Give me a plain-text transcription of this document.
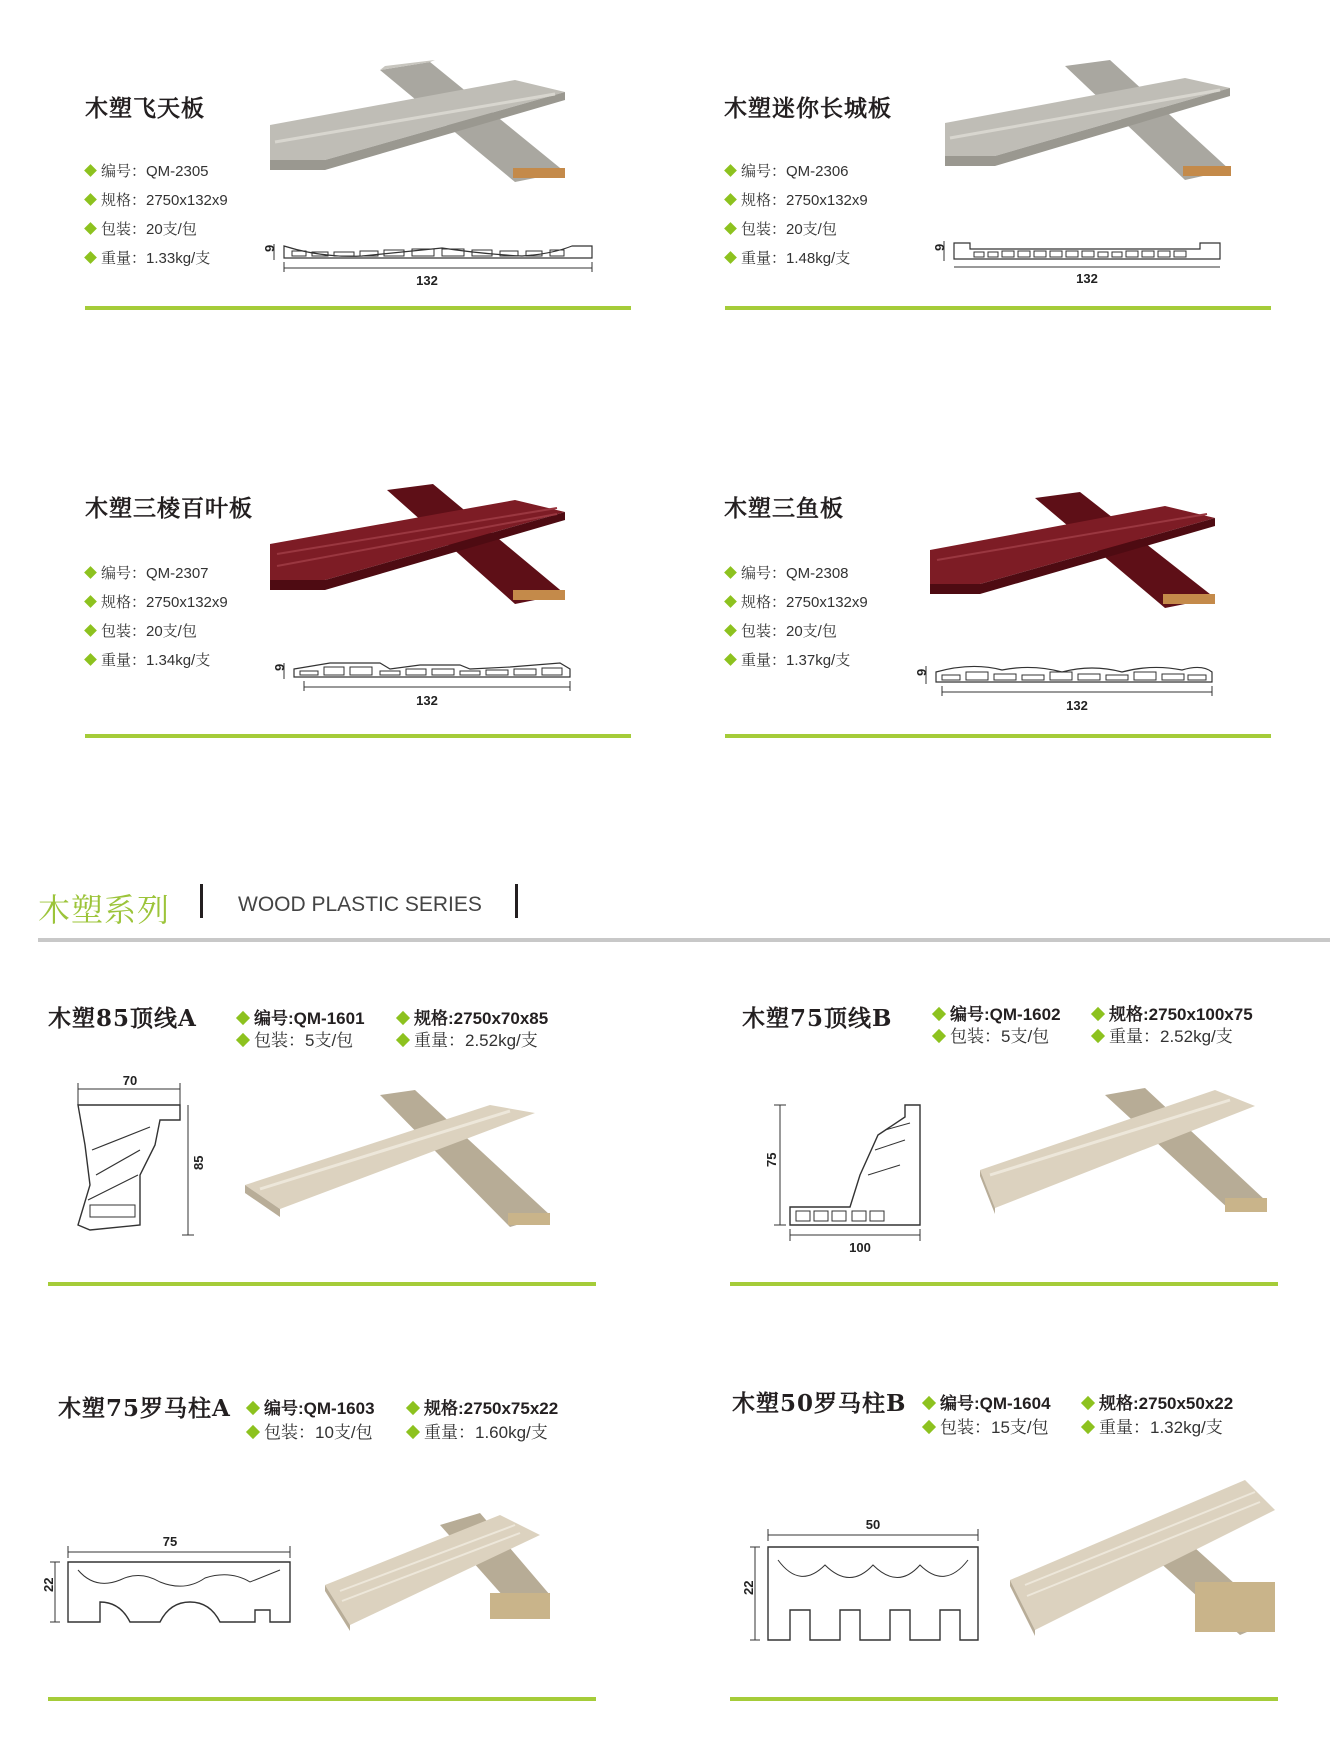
木塑飞天板
编号：QM-2305
规格：2750x132x9
包装：20支/包
重量：1.33kg/支
9
132
木塑迷你长城板
编号：QM-2306
规格：2750x132x9
包装：20支/包
重量：1.48kg/支
9
132
木塑三棱百叶板
编号：QM-2307
规格：2750x132x9
包装：20支/包
重量：1.34kg/支	9
132
木塑三鱼板
编号：QM-2308
规格：2750x132x9
包装：20支/包
重量：1.37kg/支
9
132
木塑系列	WOOD PLASTIC SERIES
木塑85顶线A	编号:QM-1601	规格:2750x70x85
包装：5支/包	重量：2.52kg/支
70
85
木塑75顶线B	编号:QM-1602	规格:2750x100x75
包装：5支/包	重量：2.52kg/支
75
100
木塑75罗马柱A	编号:QM-1603	规格:2750x75x22
包装：10支/包	重量：1.60kg/支
75
22
木塑50罗马柱B	编号:QM-1604	规格:2750x50x22
包装：15支/包	重量：1.32kg/支
50
22
